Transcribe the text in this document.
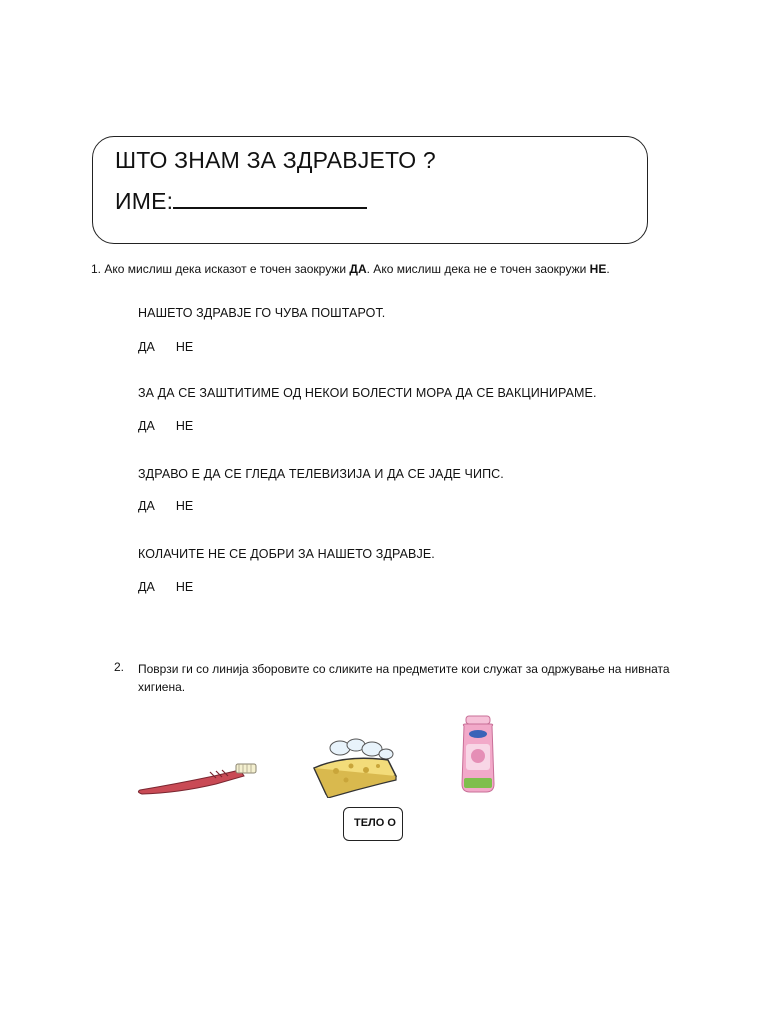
ШТО ЗНАМ ЗА ЗДРАВЈЕТО ?
ИМЕ:
1. Ако мислиш дека исказот е точен заокружи ДА. Ако мислиш дека не е точен заокружи НЕ.
НАШЕТО ЗДРАВЈЕ ГО ЧУВА ПОШТАРОТ.
ДА НЕ
ЗА ДА СЕ ЗАШТИТИМЕ ОД НЕКОИ БОЛЕСТИ МОРА ДА СЕ ВАКЦИНИРАМЕ.
ДА НЕ
ЗДРАВО Е ДА СЕ ГЛЕДА ТЕЛЕВИЗИЈА И ДА СЕ ЈАДЕ ЧИПС.
ДА НЕ
КОЛАЧИТЕ НЕ СЕ ДОБРИ ЗА НАШЕТО ЗДРАВЈЕ.
ДА НЕ
2. Поврзи ги со линија зборовите со сликите на предметите кои служат за одржување на нивната хигиена.
ТЕЛО О
